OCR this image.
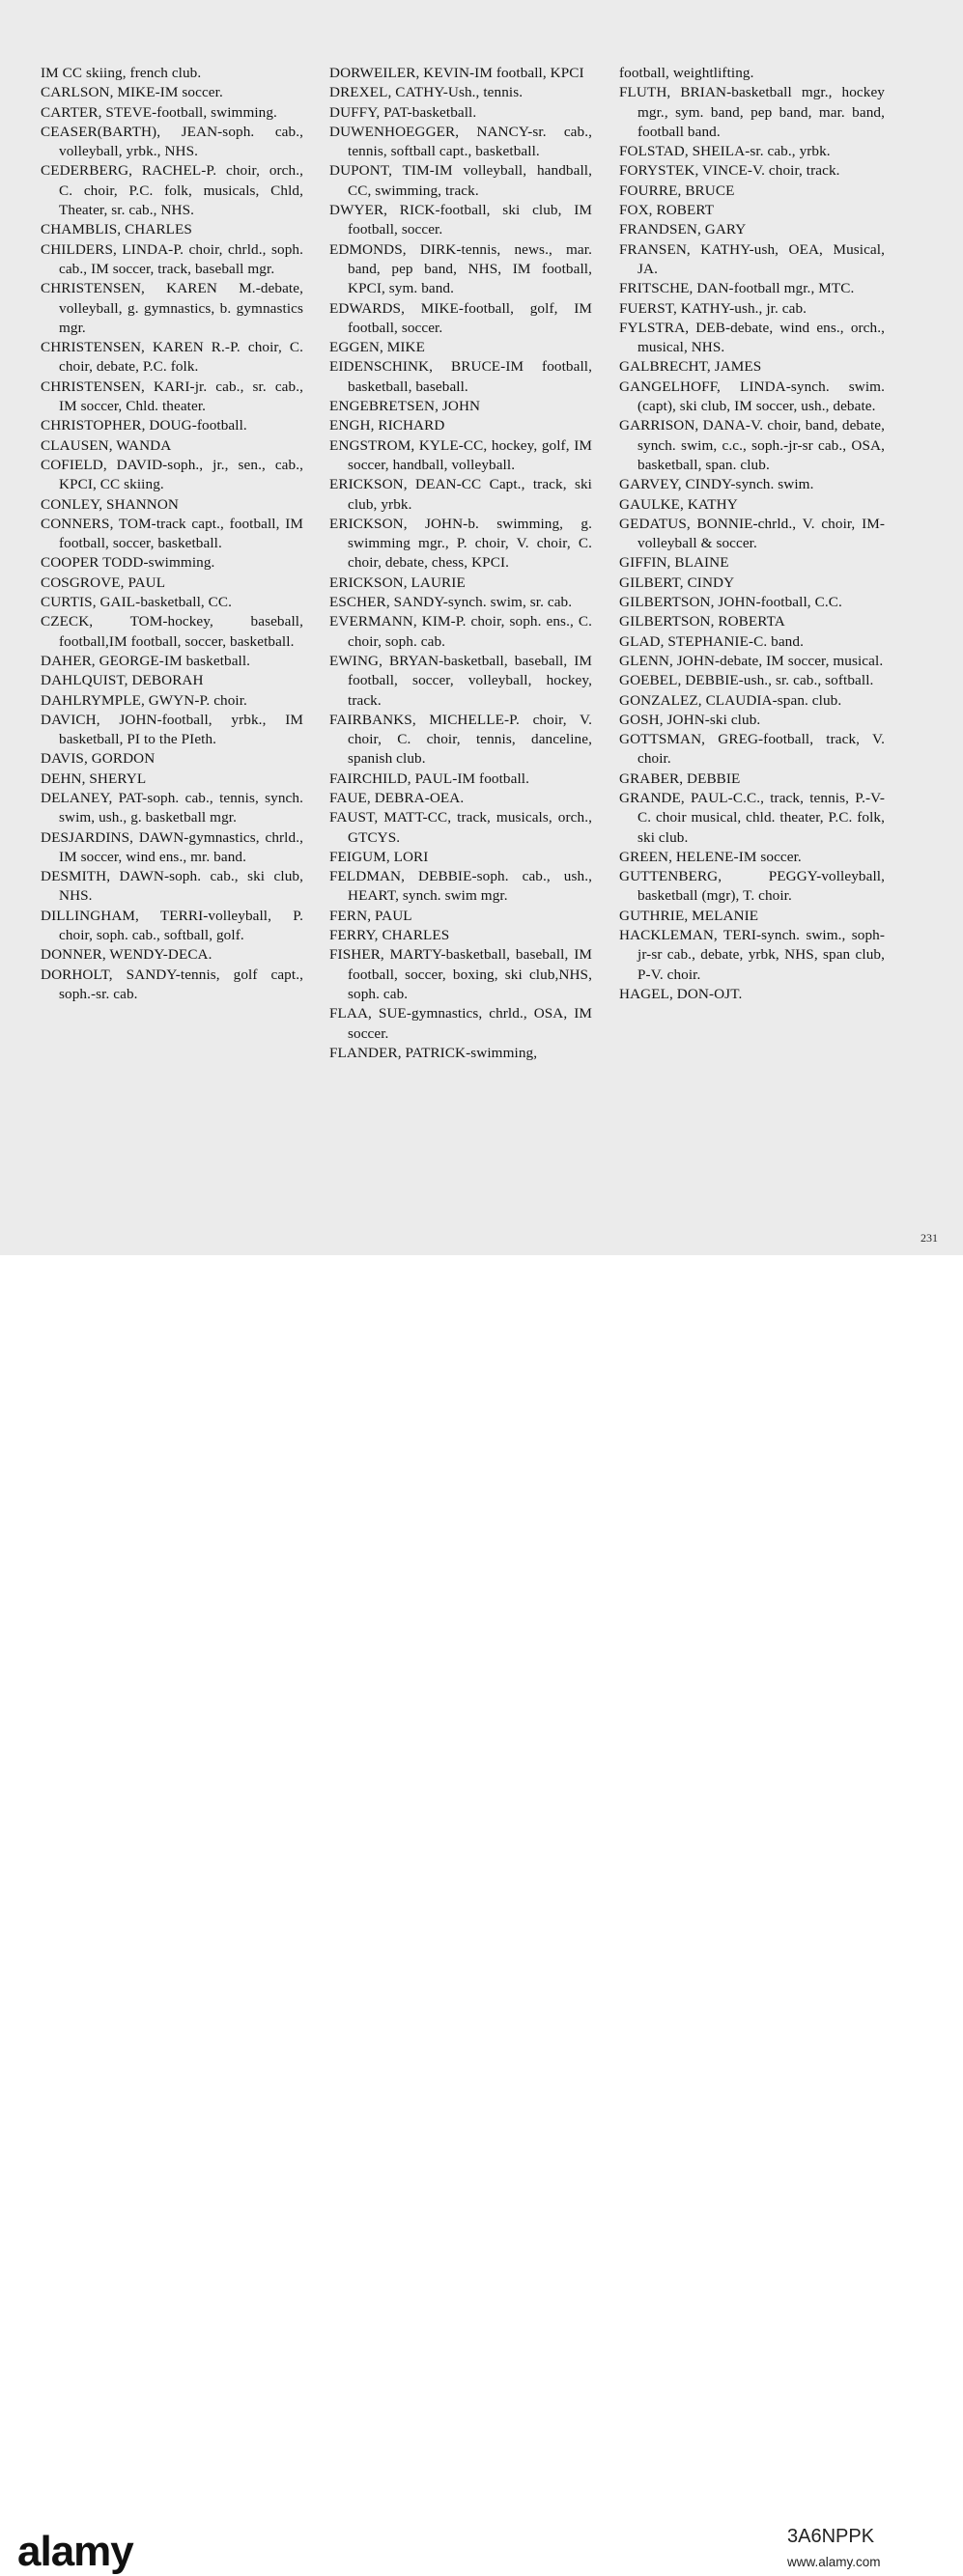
IM CC skiing, french club.
CARLSON, MIKE-IM soccer.
CARTER, STEVE-football, swimming.
CEASER(BARTH), JEAN-soph. cab., volleyball, yrbk., NHS.
CEDERBERG, RACHEL-P. choir, orch., C. choir, P.C. folk, musicals, Chld, Theater, sr. cab., NHS.
CHAMBLIS, CHARLES
CHILDERS, LINDA-P. choir, chrld., soph. cab., IM soccer, track, baseball mgr.
CHRISTENSEN, KAREN M.-debate, volleyball, g. gymnastics, b. gymnastics mgr.
CHRISTENSEN, KAREN R.-P. choir, C. choir, debate, P.C. folk.
CHRISTENSEN, KARI-jr. cab., sr. cab., IM soccer, Chld. theater.
CHRISTOPHER, DOUG-football.
CLAUSEN, WANDA
COFIELD, DAVID-soph., jr., sen., cab., KPCI, CC skiing.
CONLEY, SHANNON
CONNERS, TOM-track capt., football, IM football, soccer, basketball.
COOPER TODD-swimming.
COSGROVE, PAUL
CURTIS, GAIL-basketball, CC.
CZECK, TOM-hockey, baseball, football,IM football, soccer, basketball.
DAHER, GEORGE-IM basketball.
DAHLQUIST, DEBORAH
DAHLRYMPLE, GWYN-P. choir.
DAVICH, JOHN-football, yrbk., IM basketball, PI to the PIeth.
DAVIS, GORDON
DEHN, SHERYL
DELANEY, PAT-soph. cab., tennis, synch. swim, ush., g. basketball mgr.
DESJARDINS, DAWN-gymnastics, chrld., IM soccer, wind ens., mr. band.
DESMITH, DAWN-soph. cab., ski club, NHS.
DILLINGHAM, TERRI-volleyball, P. choir, soph. cab., softball, golf.
DONNER, WENDY-DECA.
DORHOLT, SANDY-tennis, golf capt., soph.-sr. cab.
DORWEILER, KEVIN-IM football, KPCI
DREXEL, CATHY-Ush., tennis.
DUFFY, PAT-basketball.
DUWENHOEGGER, NANCY-sr. cab., tennis, softball capt., basketball.
DUPONT, TIM-IM volleyball, handball, CC, swimming, track.
DWYER, RICK-football, ski club, IM football, soccer.
EDMONDS, DIRK-tennis, news., mar. band, pep band, NHS, IM football, KPCI, sym. band.
EDWARDS, MIKE-football, golf, IM football, soccer.
EGGEN, MIKE
EIDENSCHINK, BRUCE-IM football, basketball, baseball.
ENGEBRETSEN, JOHN
ENGH, RICHARD
ENGSTROM, KYLE-CC, hockey, golf, IM soccer, handball, volleyball.
ERICKSON, DEAN-CC Capt., track, ski club, yrbk.
ERICKSON, JOHN-b. swimming, g. swimming mgr., P. choir, V. choir, C. choir, debate, chess, KPCI.
ERICKSON, LAURIE
ESCHER, SANDY-synch. swim, sr. cab.
EVERMANN, KIM-P. choir, soph. ens., C. choir, soph. cab.
EWING, BRYAN-basketball, baseball, IM football, soccer, volleyball, hockey, track.
FAIRBANKS, MICHELLE-P. choir, V. choir, C. choir, tennis, danceline, spanish club.
FAIRCHILD, PAUL-IM football.
FAUE, DEBRA-OEA.
FAUST, MATT-CC, track, musicals, orch., GTCYS.
FEIGUM, LORI
FELDMAN, DEBBIE-soph. cab., ush., HEART, synch. swim mgr.
FERN, PAUL
FERRY, CHARLES
FISHER, MARTY-basketball, baseball, IM football, soccer, boxing, ski club,NHS, soph. cab.
FLAA, SUE-gymnastics, chrld., OSA, IM soccer.
FLANDER, PATRICK-swimming,
football, weightlifting.
FLUTH, BRIAN-basketball mgr., hockey mgr., sym. band, pep band, mar. band, football band.
FOLSTAD, SHEILA-sr. cab., yrbk.
FORYSTEK, VINCE-V. choir, track.
FOURRE, BRUCE
FOX, ROBERT
FRANDSEN, GARY
FRANSEN, KATHY-ush, OEA, Musical, JA.
FRITSCHE, DAN-football mgr., MTC.
FUERST, KATHY-ush., jr. cab.
FYLSTRA, DEB-debate, wind ens., orch., musical, NHS.
GALBRECHT, JAMES
GANGELHOFF, LINDA-synch. swim.(capt), ski club, IM soccer, ush., debate.
GARRISON, DANA-V. choir, band, debate, synch. swim, c.c., soph.-jr-sr cab., OSA, basketball, span. club.
GARVEY, CINDY-synch. swim.
GAULKE, KATHY
GEDATUS, BONNIE-chrld., V. choir, IM-volleyball & soccer.
GIFFIN, BLAINE
GILBERT, CINDY
GILBERTSON, JOHN-football, C.C.
GILBERTSON, ROBERTA
GLAD, STEPHANIE-C. band.
GLENN, JOHN-debate, IM soccer, musical.
GOEBEL, DEBBIE-ush., sr. cab., softball.
GONZALEZ, CLAUDIA-span. club.
GOSH, JOHN-ski club.
GOTTSMAN, GREG-football, track, V. choir.
GRABER, DEBBIE
GRANDE, PAUL-C.C., track, tennis, P.-V-C. choir musical, chld. theater, P.C. folk, ski club.
GREEN, HELENE-IM soccer.
GUTTENBERG, PEGGY-volleyball, basketball (mgr), T. choir.
GUTHRIE, MELANIE
HACKLEMAN, TERI-synch. swim., soph-jr-sr cab., debate, yrbk, NHS, span club, P-V. choir.
HAGEL, DON-OJT.
231
alamy	3A6NPPK
www.alamy.com
